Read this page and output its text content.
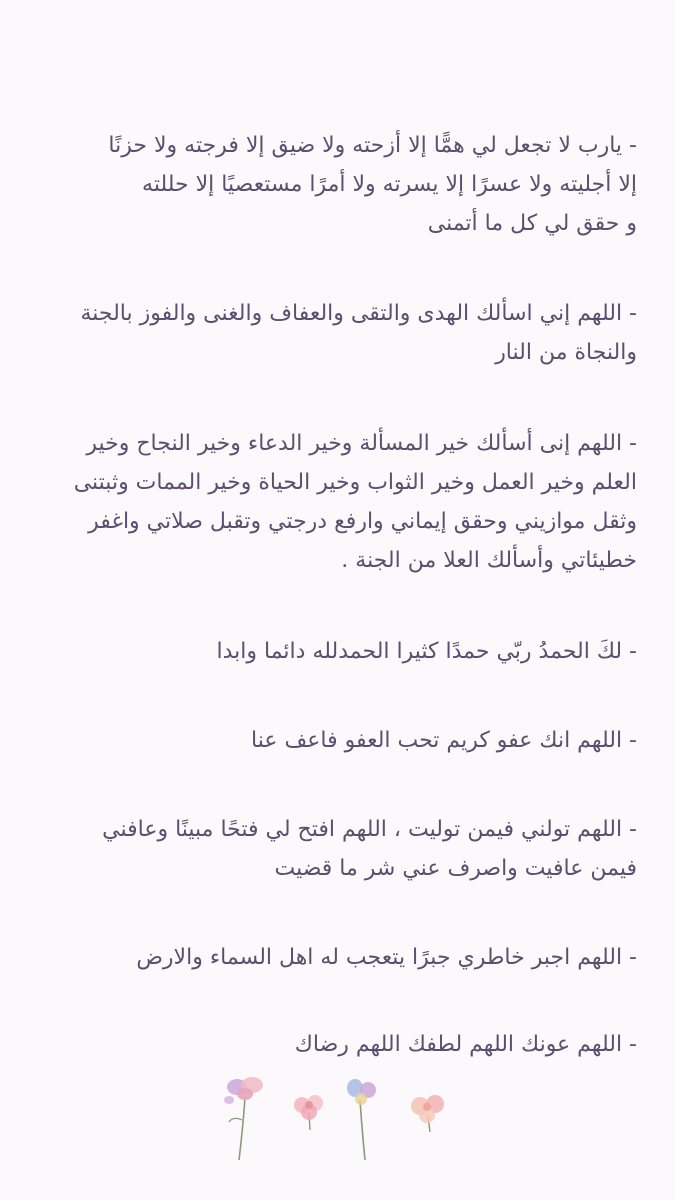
- يارب لا تجعل لي همًّا إلا أزحته ولا ضيق إلا فرجته ولا حزنًا
إلا أجليته ولا عسرًا إلا يسرته ولا أمرًا مستعصيًا إلا حللته
و حقق لي كل ما أتمنى
- اللهم إني اسألك الهدى والتقى والعفاف والغنى والفوز بالجنة
والنجاة من النار
- اللهم إنى أسألك خير المسألة وخير الدعاء وخير النجاح وخير
العلم وخير العمل وخير الثواب وخير الحياة وخير الممات وثبتنى
وثقل موازيني وحقق إيماني وارفع درجتي وتقبل صلاتي واغفر
خطيئاتي وأسألك العلا من الجنة .
- لكَ الحمدُ ربّي حمدًا كثيرا الحمدلله دائما وابدا
- اللهم انك عفو كريم تحب العفو فاعف عنا
- اللهم تولني فيمن توليت ، اللهم افتح لي فتحًا مبينًا وعافني
فيمن عافيت واصرف عني شر ما قضيت
- اللهم اجبر خاطري جبرًا يتعجب له اهل السماء والارض
- اللهم عونك اللهم لطفك اللهم رضاك
